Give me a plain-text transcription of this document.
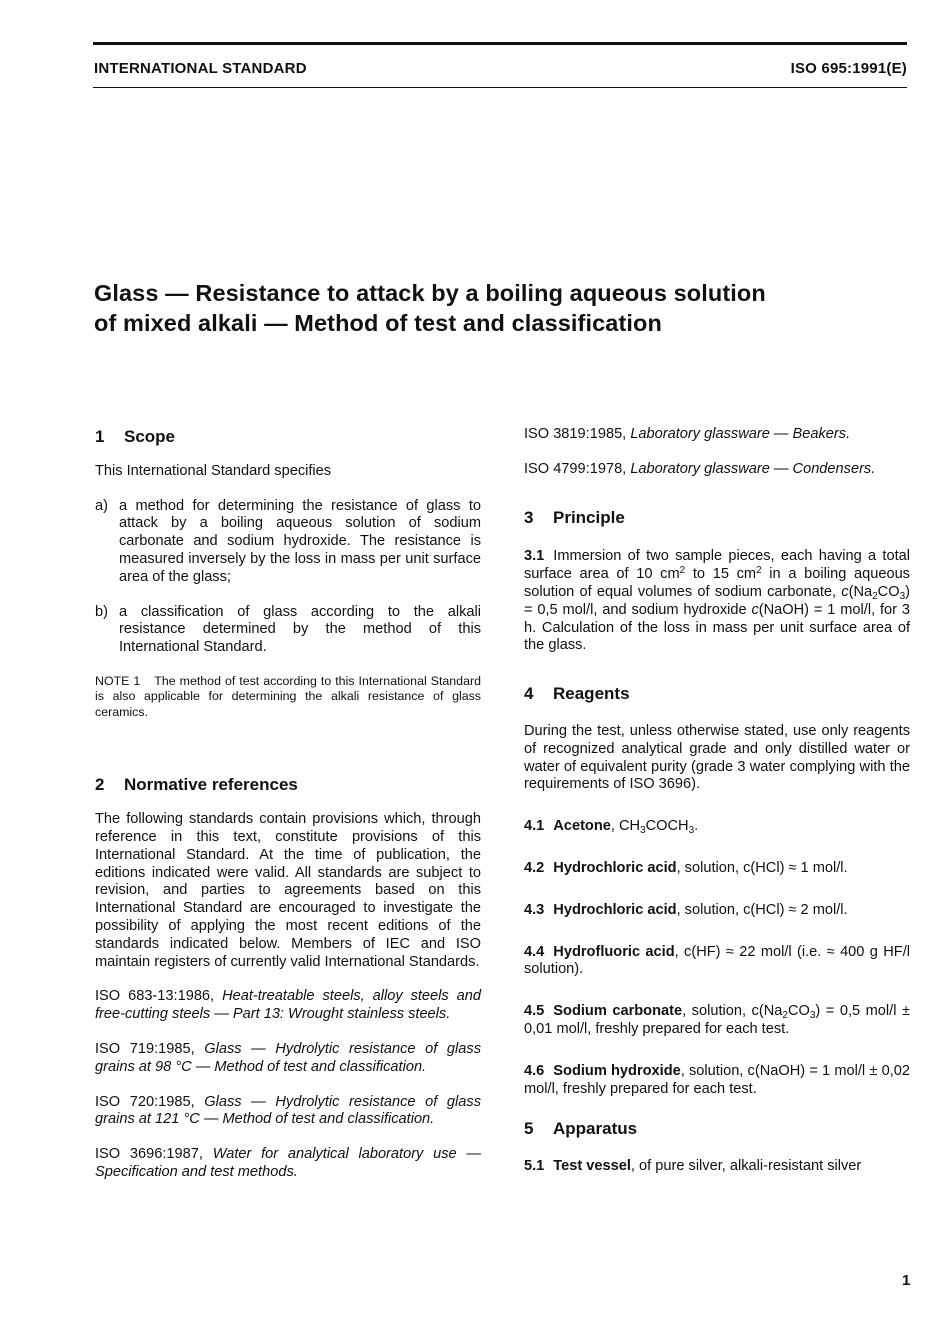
INTERNATIONAL STANDARD	ISO 695:1991(E)
Glass — Resistance to attack by a boiling aqueous solution
of mixed alkali — Method of test and classification
1	Scope

This International Standard specifies

a) a method for determining the resistance of glass to attack by a boiling aqueous solution of sodium carbonate and sodium hydroxide. The resistance is measured inversely by the loss in mass per unit surface area of the glass;
b) a classification of glass according to the alkali resistance determined by the method of this International Standard.

NOTE 1 The method of test according to this International Standard is also applicable for determining the alkali resistance of glass ceramics.

2	Normative references

The following standards contain provisions which, through reference in this text, constitute provisions of this International Standard. At the time of publication, the editions indicated were valid. All standards are subject to revision, and parties to agreements based on this International Standard are encouraged to investigate the possibility of applying the most recent editions of the standards indicated below. Members of IEC and ISO maintain registers of currently valid International Standards.

ISO 683-13:1986, Heat-treatable steels, alloy steels and free-cutting steels — Part 13: Wrought stainless steels.

ISO 719:1985, Glass — Hydrolytic resistance of glass grains at 98 °C — Method of test and classification.

ISO 720:1985, Glass — Hydrolytic resistance of glass grains at 121 °C — Method of test and classification.

ISO 3696:1987, Water for analytical laboratory use — Specification and test methods.

ISO 3819:1985, Laboratory glassware — Beakers.

ISO 4799:1978, Laboratory glassware — Condensers.

3	Principle

3.1 Immersion of two sample pieces, each having a total surface area of 10 $cm^2$ to 15 $cm^2$ in a boiling aqueous solution of equal volumes of sodium carbonate, $c(Na_2CO_3) = 0,5$ mol/l, and sodium hydroxide c(NaOH) = 1 mol/l, for 3 h. Calculation of the loss in mass per unit surface area of the glass.

4	Reagents

During the test, unless otherwise stated, use only reagents of recognized analytical grade and only distilled water or water of equivalent purity (grade 3 water complying with the requirements of ISO 3696).

4.1 Acetone, $CH_3COCH_3$.

4.2 Hydrochloric acid, solution, c(HCl) ≈ 1 mol/l.

4.3 Hydrochloric acid, solution, c(HCl) ≈ 2 mol/l.

4.4 Hydrofluoric acid, c(HF) ≈ 22 mol/l (i.e. ≈ 400 g HF/l solution).

4.5 Sodium carbonate, solution, $c(Na_2CO_3) = 0,5$ mol/l ± 0,01 mol/l, freshly prepared for each test.

4.6 Sodium hydroxide, solution, c(NaOH) = 1 mol/l ± 0,02 mol/l, freshly prepared for each test.

5	Apparatus

5.1 Test vessel, of pure silver, alkali-resistant silver

1
